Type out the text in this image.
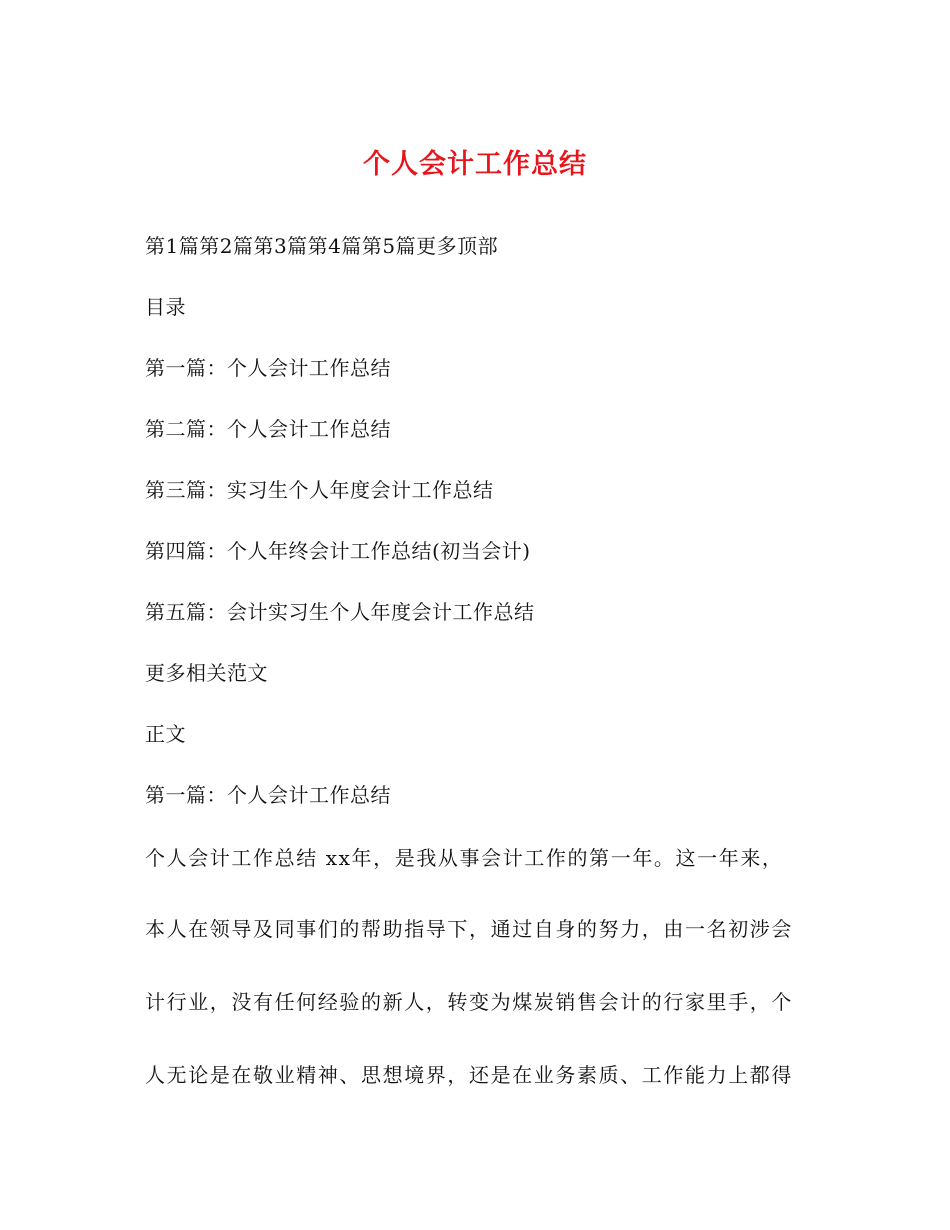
个人会计工作总结
第1篇第2篇第3篇第4篇第5篇更多顶部
目录
第一篇：个人会计工作总结
第二篇：个人会计工作总结
第三篇：实习生个人年度会计工作总结
第四篇：个人年终会计工作总结(初当会计)
第五篇：会计实习生个人年度会计工作总结
更多相关范文
正文
第一篇：个人会计工作总结
个人会计工作总结 xx年，是我从事会计工作的第一年。这一年来，
本人在领导及同事们的帮助指导下，通过自身的努力，由一名初涉会
计行业，没有任何经验的新人，转变为煤炭销售会计的行家里手，个
人无论是在敬业精神、思想境界，还是在业务素质、工作能力上都得
